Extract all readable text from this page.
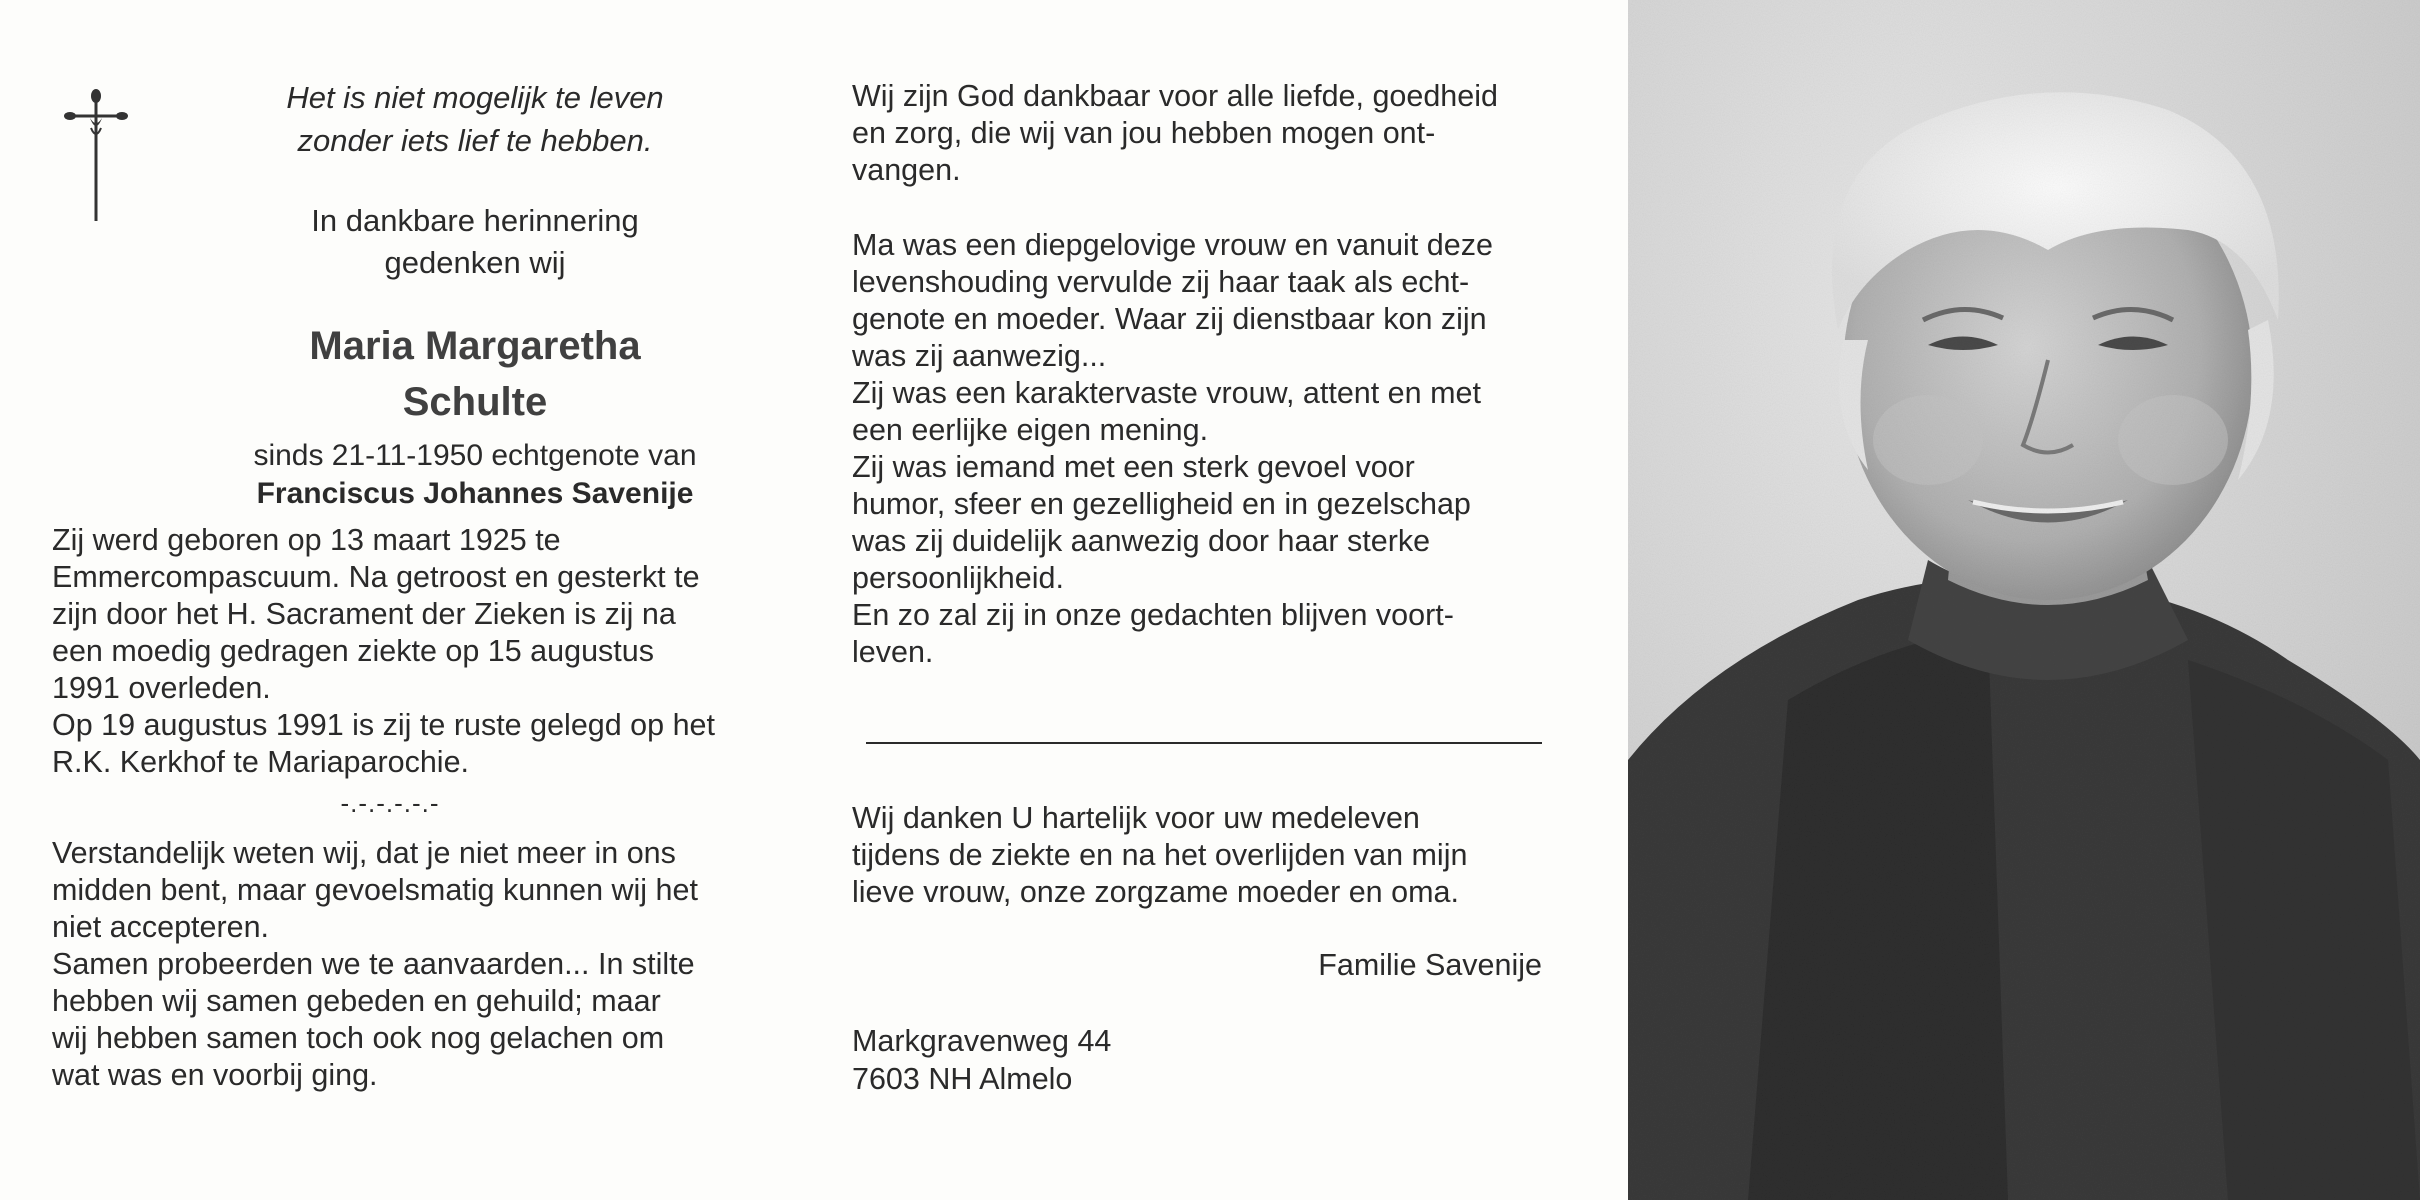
Het is niet mogelijk te leven
zonder iets lief te hebben.
In dankbare herinnering
gedenken wij
Maria Margaretha
Schulte
sinds 21-11-1950 echtgenote van
Franciscus Johannes Savenije
Zij werd geboren op 13 maart 1925 te
Emmercompascuum. Na getroost en gesterkt te
zijn door het H. Sacrament der Zieken is zij na
een moedig gedragen ziekte op 15 augustus
1991 overleden.
Op 19 augustus 1991 is zij te ruste gelegd op het
R.K. Kerkhof te Mariaparochie.
-.-.-.-.-.-
Verstandelijk weten wij, dat je niet meer in ons
midden bent, maar gevoelsmatig kunnen wij het
niet accepteren.
Samen probeerden we te aanvaarden... In stilte
hebben wij samen gebeden en gehuild; maar
wij hebben samen toch ook nog gelachen om
wat was en voorbij ging.
Wij zijn God dankbaar voor alle liefde, goedheid
en zorg, die wij van jou hebben mogen ont-
vangen.
Ma was een diepgelovige vrouw en vanuit deze
levenshouding vervulde zij haar taak als echt-
genote en moeder. Waar zij dienstbaar kon zijn
was zij aanwezig...
Zij was een karaktervaste vrouw, attent en met
een eerlijke eigen mening.
Zij was iemand met een sterk gevoel voor
humor, sfeer en gezelligheid en in gezelschap
was zij duidelijk aanwezig door haar sterke
persoonlijkheid.
En zo zal zij in onze gedachten blijven voort-
leven.
Wij danken U hartelijk voor uw medeleven
tijdens de ziekte en na het overlijden van mijn
lieve vrouw, onze zorgzame moeder en oma.
Familie Savenije
Markgravenweg 44
7603 NH Almelo
